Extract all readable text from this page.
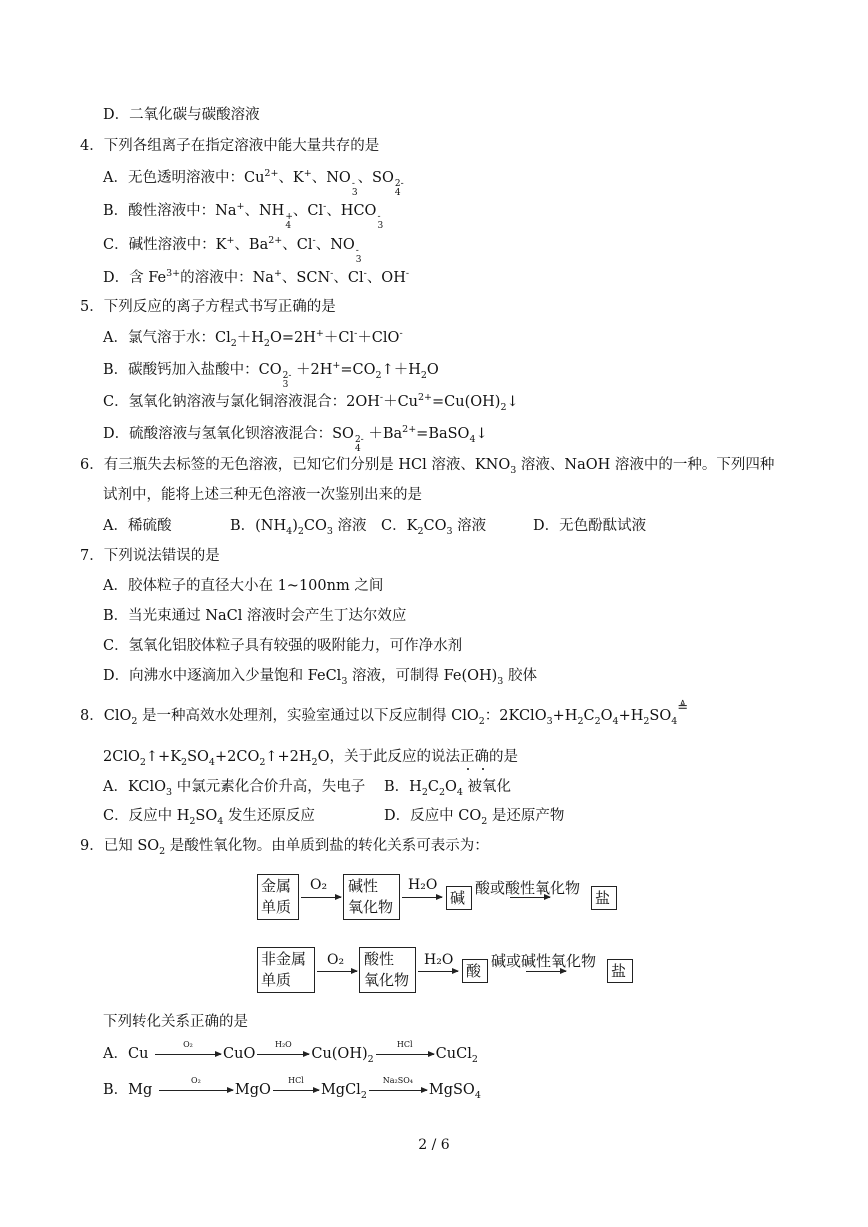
D．二氧化碳与碳酸溶液
4．下列各组离子在指定溶液中能大量共存的是
A．无色透明溶液中：$Cu^{2+}$、K+、NO -
3
、SO 2-
4
B．酸性溶液中：Na+、NH +
4
、Cl-、HCO -
3
C．碱性溶液中：K+、$Ba^{2+}$、Cl-、NO -
3
D．含 $Fe^{3+}$的溶液中：Na+、SCN-、Cl-、OH-
5．下列反应的离子方程式书写正确的是
A．氯气溶于水：$Cl_2+H_2O=2H^++Cl^-+ClO^-$
B．碳酸钙加入盐酸中：CO 2-
3
$+2H^+=CO_2↑+H_2O$
C．氢氧化钠溶液与氯化铜溶液混合：$2OH^-+Cu^{2+}=Cu(OH)_2↓$
D．硫酸溶液与氢氧化钡溶液混合：SO 2-
4
$+Ba^{2+}=BaSO_4↓$
6．有三瓶失去标签的无色溶液，已知它们分别是 HCl 溶液、$KNO_3$ 溶液、NaOH 溶液中的一种。下列四种
试剂中，能将上述三种无色溶液一次鉴别出来的是
A．稀硫酸	B．$(NH_4)_2CO_3$ 溶液 C．$K_2CO_3$ 溶液	D．无色酚酞试液
7．下列说法错误的是
A．胶体粒子的直径大小在 1~100nm 之间
B．当光束通过 NaCl 溶液时会产生丁达尔效应
C．氢氧化铝胶体粒子具有较强的吸附能力，可作净水剂
D．向沸水中逐滴加入少量饱和 FeCl$_3$ 溶液，可制得 $Fe(OH)_3$ 胶体
8．ClO$_2$ 是一种高效水处理剂，实验室通过以下反应制得 ClO$_2$：$2KClO_3+H_2C_2O_4+H_2SO_4≜$
$2ClO_2↑+K_2SO_4+2CO_2↑+2H_2O$，关于此反应的说法正确的是
A．KClO$_3$ 中氯元素化合价升高，失电子 B．$H_2C_2O_4$ 被氧化
C．反应中 $H_2SO_4$ 发生还原反应	D．反应中 $CO_2$ 是还原产物
9．已知 $SO_2$ 是酸性氧化物。由单质到盐的转化关系可表示为：
金属
单质
O₂ 碱性
氧化物
H₂O
碱
酸或酸性氧化物
盐
非金属
单质
O₂ 酸性
氧化物
H₂O
酸
碱或碱性氧化物
盐
下列转化关系正确的是
A．Cu
O₂
CuO
H₂O
$Cu(OH)_2$
HCl
CuCl$_2$
B．Mg
O₂
MgO
HCl
MgCl$_2$
Na₂SO₄
MgSO$_4$
2 / 6
